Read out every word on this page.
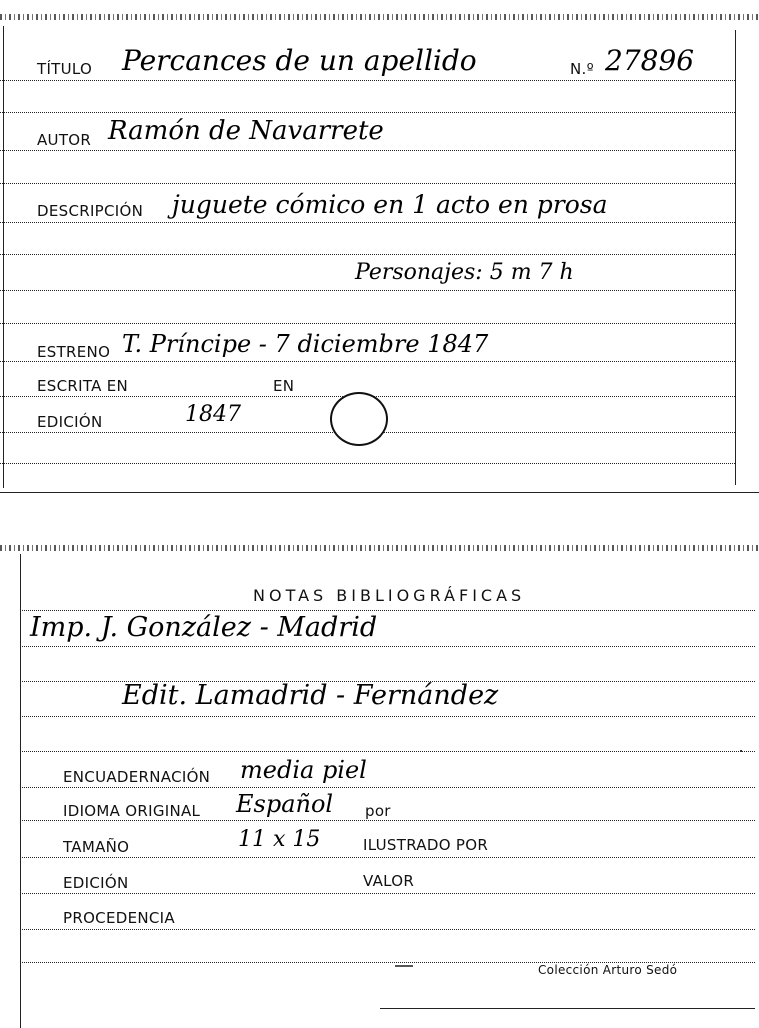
TÍTULO Percances de un apellido	N.º 27896
AUTOR Ramón de Navarrete
DESCRIPCIÓN juguete cómico en 1 acto en prosa
Personajes: 5 m 7 h
ESTRENO T. Príncipe - 7 diciembre 1847
ESCRITA EN	EN
EDICIÓN	1847
NOTAS BIBLIOGRÁFICAS
Imp. J. González - Madrid
Edit. Lamadrid - Fernández
ENCUADERNACIÓN media piel
IDIOMA ORIGINAL Español por
TAMAÑO	11 x 15	ILUSTRADO POR
EDICIÓN	VALOR
PROCEDENCIA
Colección Arturo Sedó
